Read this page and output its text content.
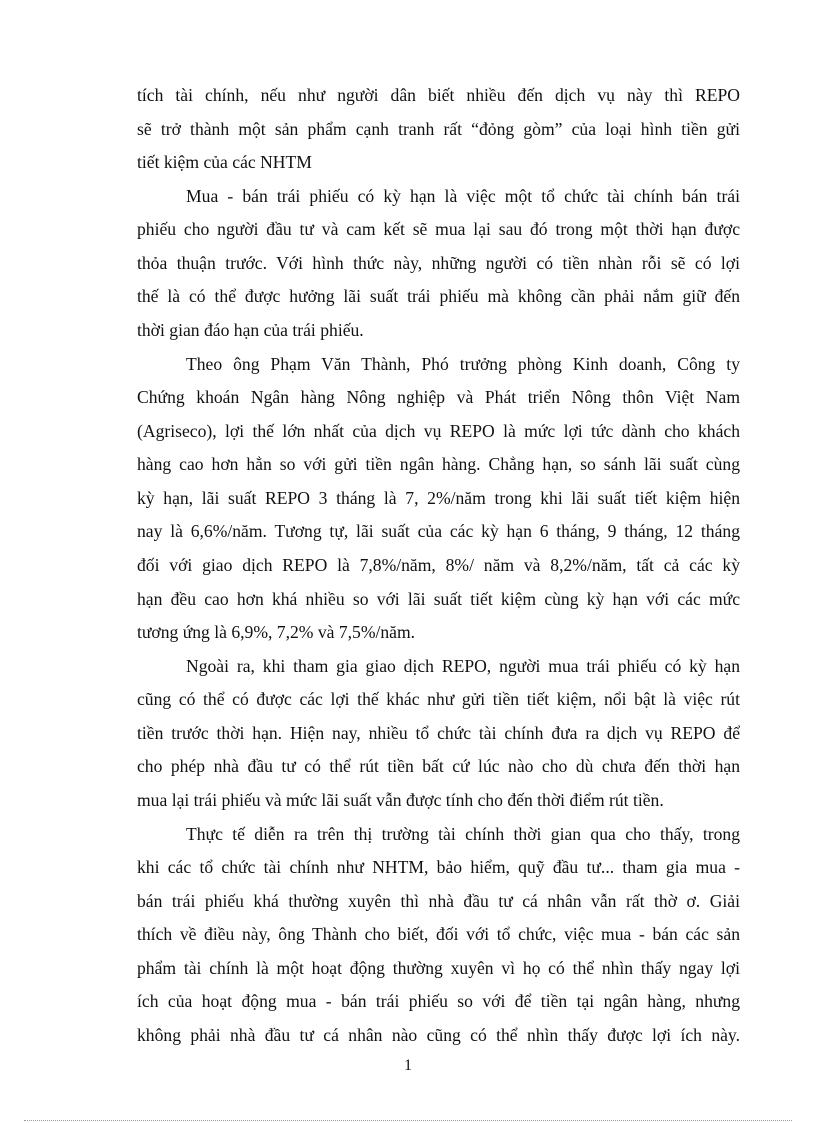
tích tài chính, nếu như người dân biết nhiều đến dịch vụ này thì REPO
sẽ trở thành một sản phẩm cạnh tranh rất “đỏng gòm” của loại hình tiền gửi
tiết kiệm của các NHTM
Mua - bán trái phiếu có kỳ hạn là việc một tổ chức tài chính bán trái
phiếu cho người đầu tư và cam kết sẽ mua lại sau đó trong một thời hạn được
thỏa thuận trước. Với hình thức này, những người có tiền nhàn rỗi sẽ có lợi
thế là có thể được hưởng lãi suất trái phiếu mà không cần phải nắm giữ đến
thời gian đáo hạn của trái phiếu.
Theo ông Phạm Văn Thành, Phó trưởng phòng Kinh doanh, Công ty
Chứng khoán Ngân hàng Nông nghiệp và Phát triển Nông thôn Việt Nam
(Agriseco), lợi thế lớn nhất của dịch vụ REPO là mức lợi tức dành cho khách
hàng cao hơn hẳn so với gửi tiền ngân hàng. Chẳng hạn, so sánh lãi suất cùng
kỳ hạn, lãi suất REPO 3 tháng là 7, 2%/năm trong khi lãi suất tiết kiệm hiện
nay là 6,6%/năm. Tương tự, lãi suất của các kỳ hạn 6 tháng, 9 tháng, 12 tháng
đối với giao dịch REPO là 7,8%/năm, 8%/ năm và 8,2%/năm, tất cả các kỳ
hạn đều cao hơn khá nhiều so với lãi suất tiết kiệm cùng kỳ hạn với các mức
tương ứng là 6,9%, 7,2% và 7,5%/năm.
Ngoài ra, khi tham gia giao dịch REPO, người mua trái phiếu có kỳ hạn
cũng có thể có được các lợi thế khác như gửi tiền tiết kiệm, nổi bật là việc rút
tiền trước thời hạn. Hiện nay, nhiều tổ chức tài chính đưa ra dịch vụ REPO để
cho phép nhà đầu tư có thể rút tiền bất cứ lúc nào cho dù chưa đến thời hạn
mua lại trái phiếu và mức lãi suất vẫn được tính cho đến thời điểm rút tiền.
Thực tế diễn ra trên thị trường tài chính thời gian qua cho thấy, trong
khi các tổ chức tài chính như NHTM, bảo hiểm, quỹ đầu tư... tham gia mua -
bán trái phiếu khá thường xuyên thì nhà đầu tư cá nhân vẫn rất thờ ơ. Giải
thích về điều này, ông Thành cho biết, đối với tổ chức, việc mua - bán các sản
phẩm tài chính là một hoạt động thường xuyên vì họ có thể nhìn thấy ngay lợi
ích của hoạt động mua - bán trái phiếu so với để tiền tại ngân hàng, nhưng
không phải nhà đầu tư cá nhân nào cũng có thể nhìn thấy được lợi ích này.
1
